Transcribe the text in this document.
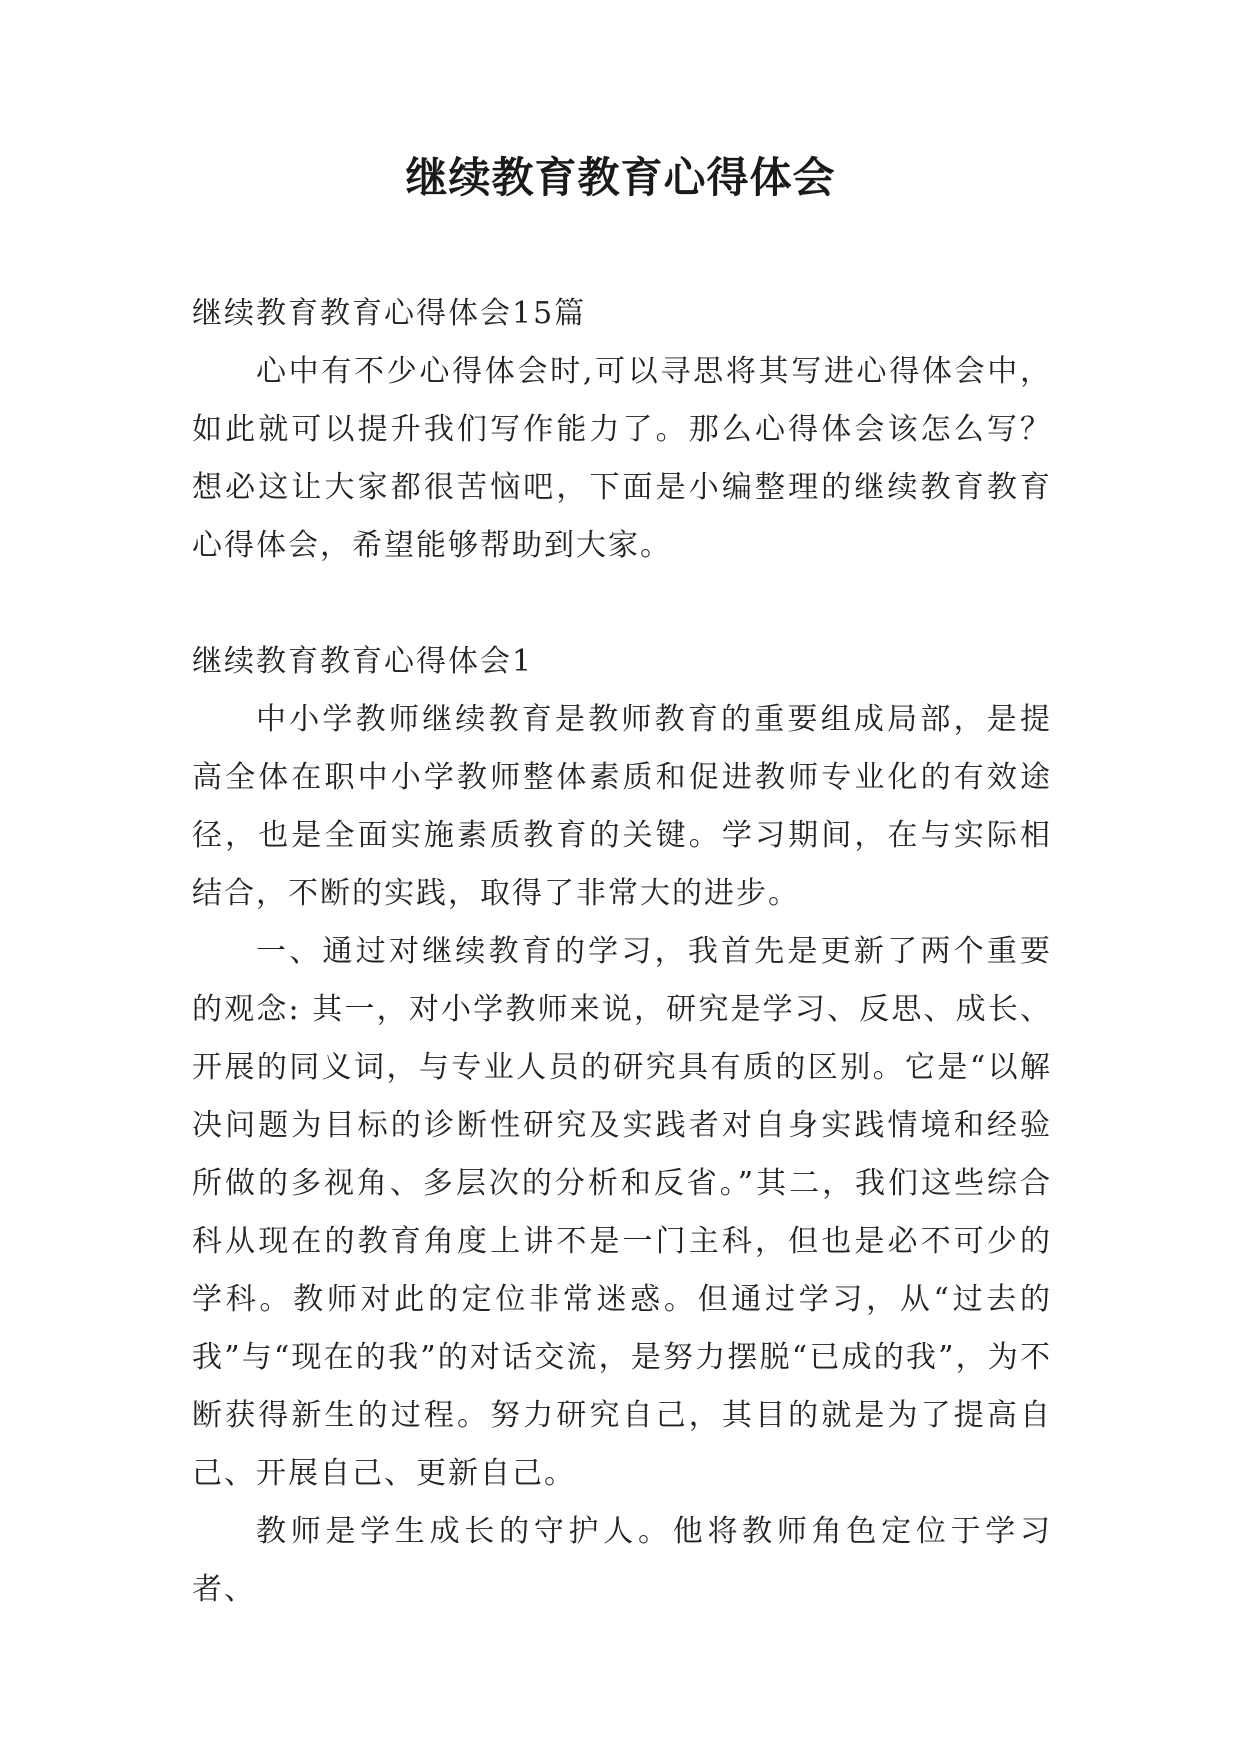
继续教育教育心得体会

继续教育教育心得体会15篇

心中有不少心得体会时,可以寻思将其写进心得体会中，如此就可以提升我们写作能力了。那么心得体会该怎么写？想必这让大家都很苦恼吧，下面是小编整理的继续教育教育心得体会，希望能够帮助到大家。

继续教育教育心得体会1

中小学教师继续教育是教师教育的重要组成局部，是提高全体在职中小学教师整体素质和促进教师专业化的有效途径，也是全面实施素质教育的关键。学习期间，在与实际相结合，不断的实践，取得了非常大的进步。

一、通过对继续教育的学习，我首先是更新了两个重要的观念: 其一，对小学教师来说，研究是学习、反思、成长、开展的同义词，与专业人员的研究具有质的区别。它是“以解决问题为目标的诊断性研究及实践者对自身实践情境和经验所做的多视角、多层次的分析和反省。”其二，我们这些综合科从现在的教育角度上讲不是一门主科，但也是必不可少的学科。教师对此的定位非常迷惑。但通过学习，从“过去的我”与“现在的我”的对话交流，是努力摆脱“已成的我”，为不断获得新生的过程。努力研究自己，其目的就是为了提高自己、开展自己、更新自己。

教师是学生成长的守护人。他将教师角色定位于学习者、
